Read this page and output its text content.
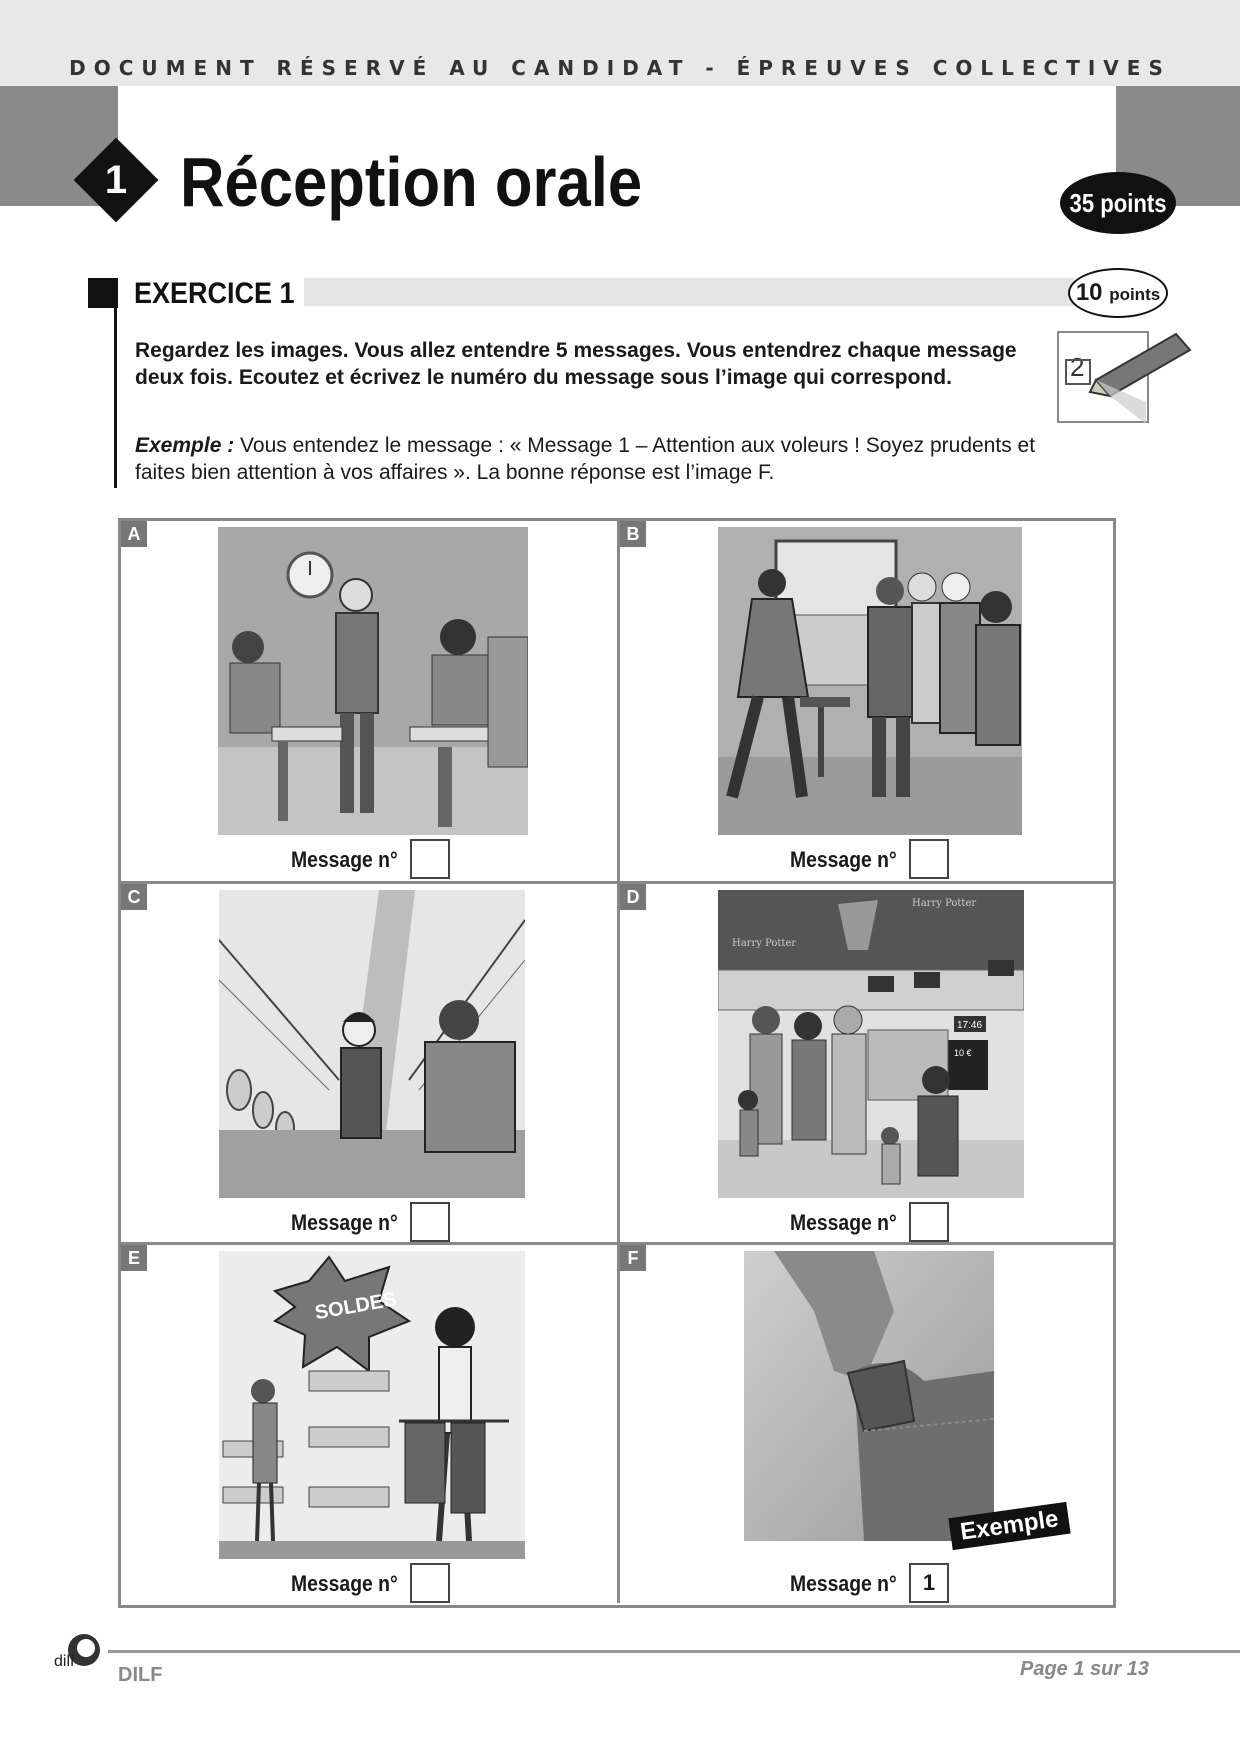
DOCUMENT RÉSERVÉ AU CANDIDAT - ÉPREUVES COLLECTIVES
1 Réception orale	35 points
EXERCICE 1	10 points
2
Regardez les images. Vous allez entendre 5 messages. Vous entendrez chaque message deux fois. Ecoutez et écrivez le numéro du message sous l’image qui correspond.
Exemple : Vous entendez le message : « Message 1 – Attention aux voleurs ! Soyez prudents et faites bien attention à vos affaires ». La bonne réponse est l’image F.
A
Message n°
B
Message n°
C
Message n°
D
Harry Potter
Harry Potter
17:46
10 €
Message n°
E
SOLDES
Message n°
F
Exemple
Message n°	1
dilf
DILF	Page 1 sur 13
